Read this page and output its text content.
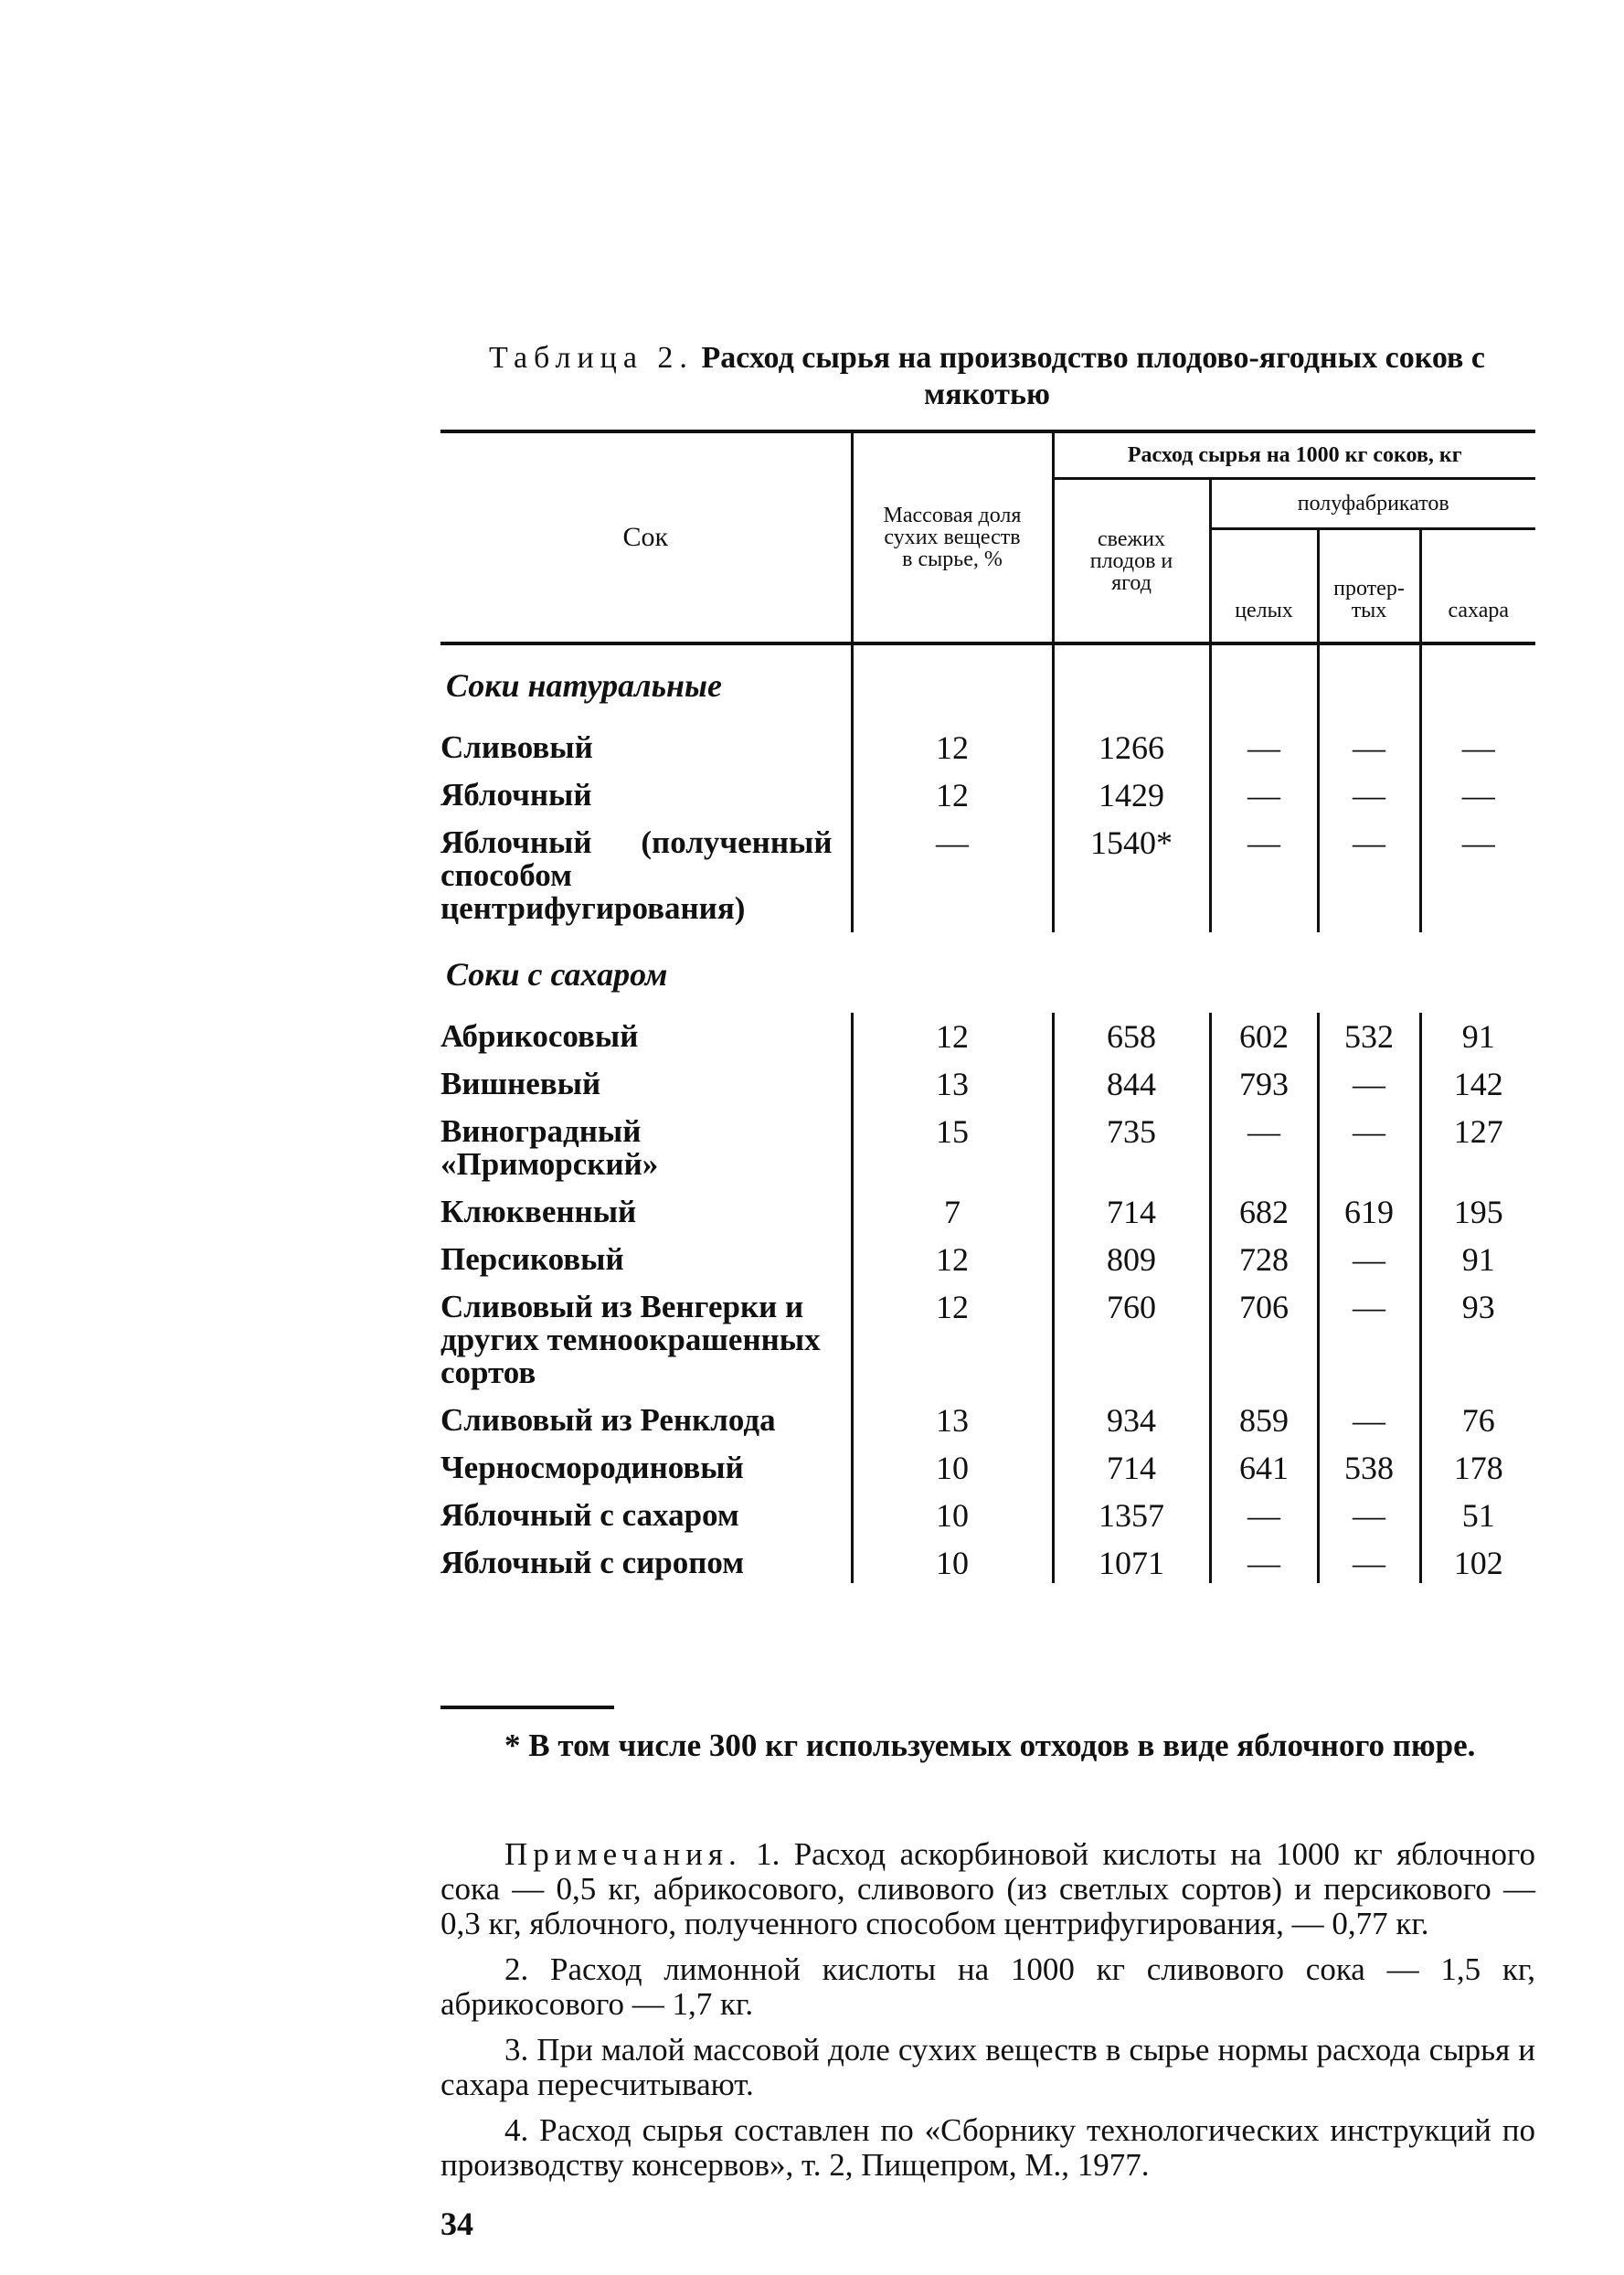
Таблица 2. Расход сырья на производство плодово-ягодных соков с мякотью
Сок	Массовая доля сухих веществ в сырье, %	Расход сырья на 1000 кг соков, кг			
		свежих плодов и ягод	полуфабрикатов		
			целых	протер-тых	сахара

Соки натуральные					
Сливовый	12	1266	—	—	—
Яблочный	12	1429	—	—	—
Яблочный (полученный способом центрифугирования)	—	1540*	—	—	—
Соки с сахаром					
Абрикосовый	12	658	602	532	91
Вишневый	13	844	793	—	142
Виноградный «Приморский»	15	735	—	—	127
Клюквенный	7	714	682	619	195
Персиковый	12	809	728	—	91
Сливовый из Венгерки и других темноокрашенных сортов	12	760	706	—	93
Сливовый из Ренклода	13	934	859	—	76
Черносмородиновый	10	714	641	538	178
Яблочный с сахаром	10	1357	—	—	51
Яблочный с сиропом	10	1071	—	—	102
* В том числе 300 кг используемых отходов в виде яблочного пюре.

Примечания. 1. Расход аскорбиновой кислоты на 1000 кг яблочного сока — 0,5 кг, абрикосового, сливового (из светлых сортов) и персикового — 0,3 кг, яблочного, полученного способом центрифугирования, — 0,77 кг.

2. Расход лимонной кислоты на 1000 кг сливового сока — 1,5 кг, абрикосового — 1,7 кг.

3. При малой массовой доле сухих веществ в сырье нормы расхода сырья и сахара пересчитывают.

4. Расход сырья составлен по «Сборнику технологических инструкций по производству консервов», т. 2, Пищепром, М., 1977.

34
